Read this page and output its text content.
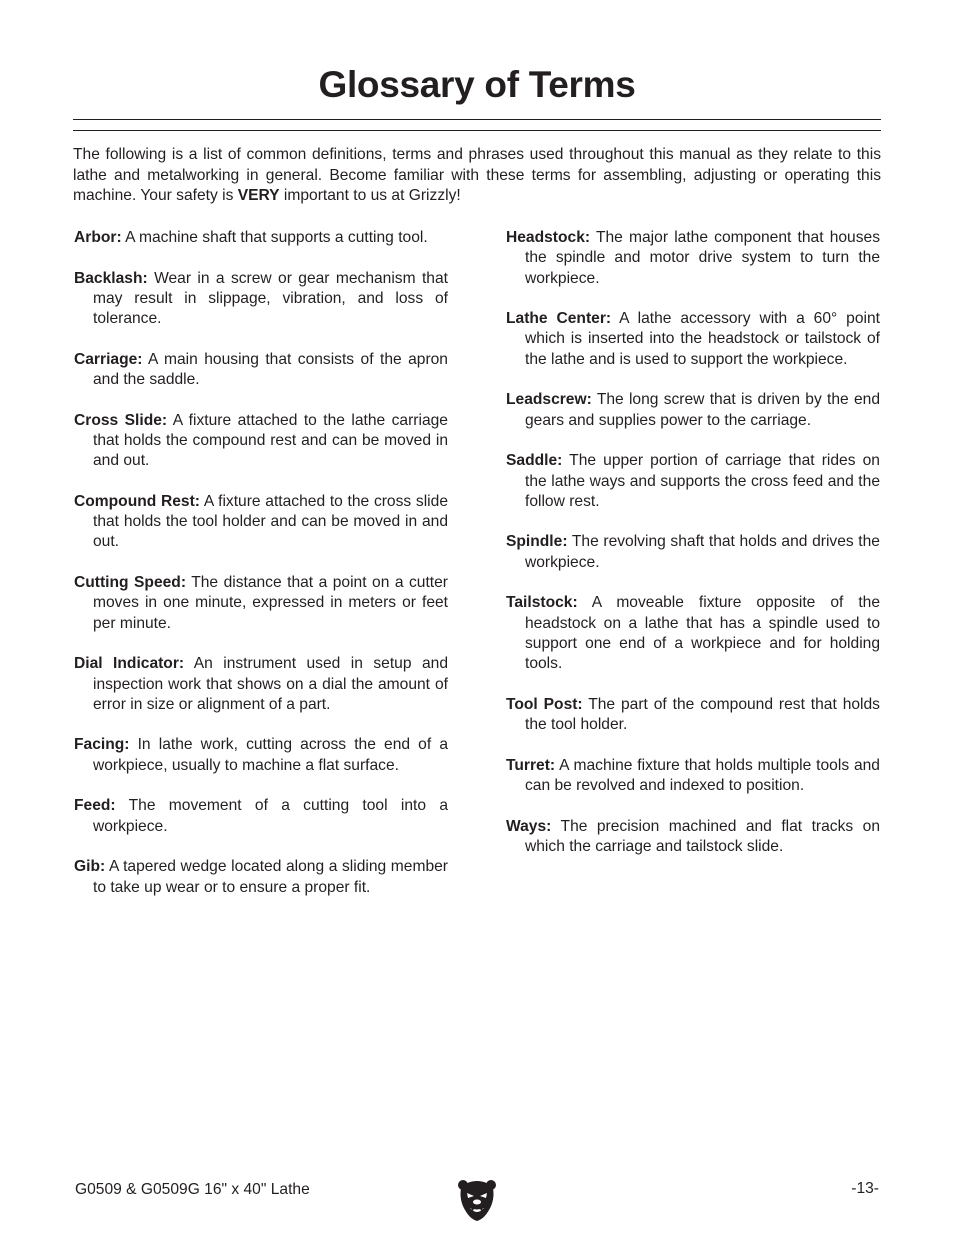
Glossary of Terms

The following is a list of common definitions, terms and phrases used throughout this manual as they relate to this lathe and metalworking in general. Become familiar with these terms for assembling, adjusting or operating this machine. Your safety is VERY important to us at Grizzly!

Arbor: A machine shaft that supports a cutting tool.

Backlash: Wear in a screw or gear mechanism that may result in slippage, vibration, and loss of tolerance.

Carriage: A main housing that consists of the apron and the saddle.

Cross Slide: A fixture attached to the lathe carriage that holds the compound rest and can be moved in and out.

Compound Rest: A fixture attached to the cross slide that holds the tool holder and can be moved in and out.

Cutting Speed: The distance that a point on a cutter moves in one minute, expressed in meters or feet per minute.

Dial Indicator: An instrument used in setup and inspection work that shows on a dial the amount of error in size or alignment of a part.

Facing: In lathe work, cutting across the end of a workpiece, usually to machine a flat surface.

Feed: The movement of a cutting tool into a workpiece.

Gib: A tapered wedge located along a sliding member to take up wear or to ensure a proper fit.

Headstock: The major lathe component that houses the spindle and motor drive system to turn the workpiece.

Lathe Center: A lathe accessory with a 60° point which is inserted into the headstock or tailstock of the lathe and is used to support the workpiece.

Leadscrew: The long screw that is driven by the end gears and supplies power to the carriage.

Saddle: The upper portion of carriage that rides on the lathe ways and supports the cross feed and the follow rest.

Spindle: The revolving shaft that holds and drives the workpiece.

Tailstock: A moveable fixture opposite of the headstock on a lathe that has a spindle used to support one end of a workpiece and for holding tools.

Tool Post: The part of the compound rest that holds the tool holder.

Turret: A machine fixture that holds multiple tools and can be revolved and indexed to position.

Ways: The precision machined and flat tracks on which the carriage and tailstock slide.

G0509 & G0509G 16" x 40" Lathe	-13-
